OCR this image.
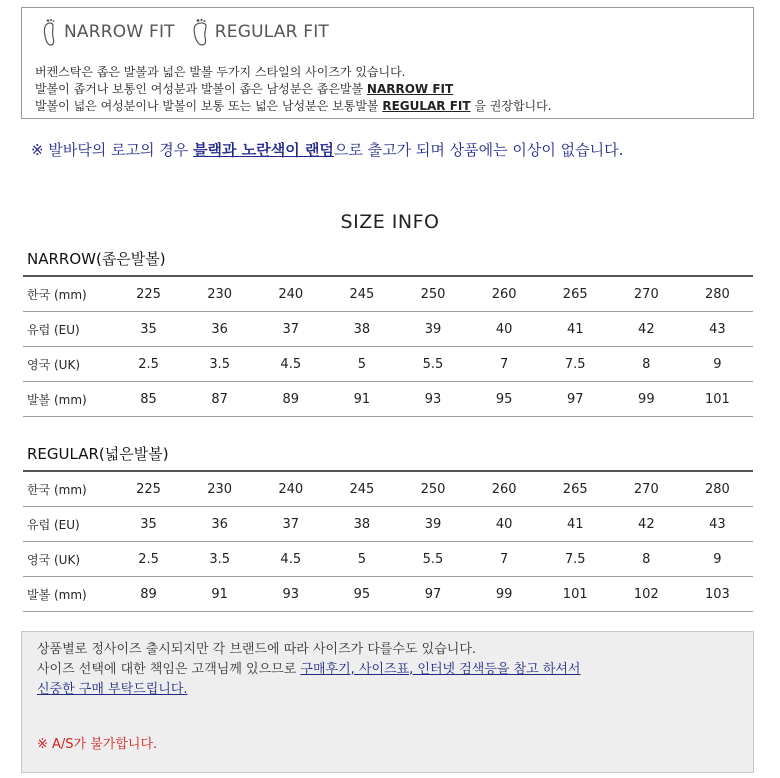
NARROW FIT REGULAR FIT
버켄스탁은 좁은 발볼과 넓은 발볼 두가지 스타일의 사이즈가 있습니다.
발볼이 좁거나 보통인 여성분과 발볼이 좁은 남성분은 좁은발볼 NARROW FIT
발볼이 넓은 여성분이나 발볼이 보통 또는 넓은 남성분은 보통발볼 REGULAR FIT 을 권장합니다.
※ 발바닥의 로고의 경우 블랙과 노란색이 랜덤으로 출고가 되며 상품에는 이상이 없습니다.
SIZE INFO
NARROW(좁은발볼)
한국 (mm)	225	230	240	245	250	260	265	270	280
유럽 (EU)	35	36	37	38	39	40	41	42	43
영국 (UK)	2.5	3.5	4.5	5	5.5	7	7.5	8	9
발볼 (mm)	85	87	89	91	93	95	97	99	101
REGULAR(넓은발볼)
한국 (mm)	225	230	240	245	250	260	265	270	280
유럽 (EU)	35	36	37	38	39	40	41	42	43
영국 (UK)	2.5	3.5	4.5	5	5.5	7	7.5	8	9
발볼 (mm)	89	91	93	95	97	99	101	102	103
상품별로 정사이즈 출시되지만 각 브랜드에 따라 사이즈가 다를수도 있습니다.
사이즈 선택에 대한 책임은 고객님께 있으므로 구매후기, 사이즈표, 인터넷 검색등을 참고 하셔서
신중한 구매 부탁드립니다.
※ A/S가 불가합니다.
